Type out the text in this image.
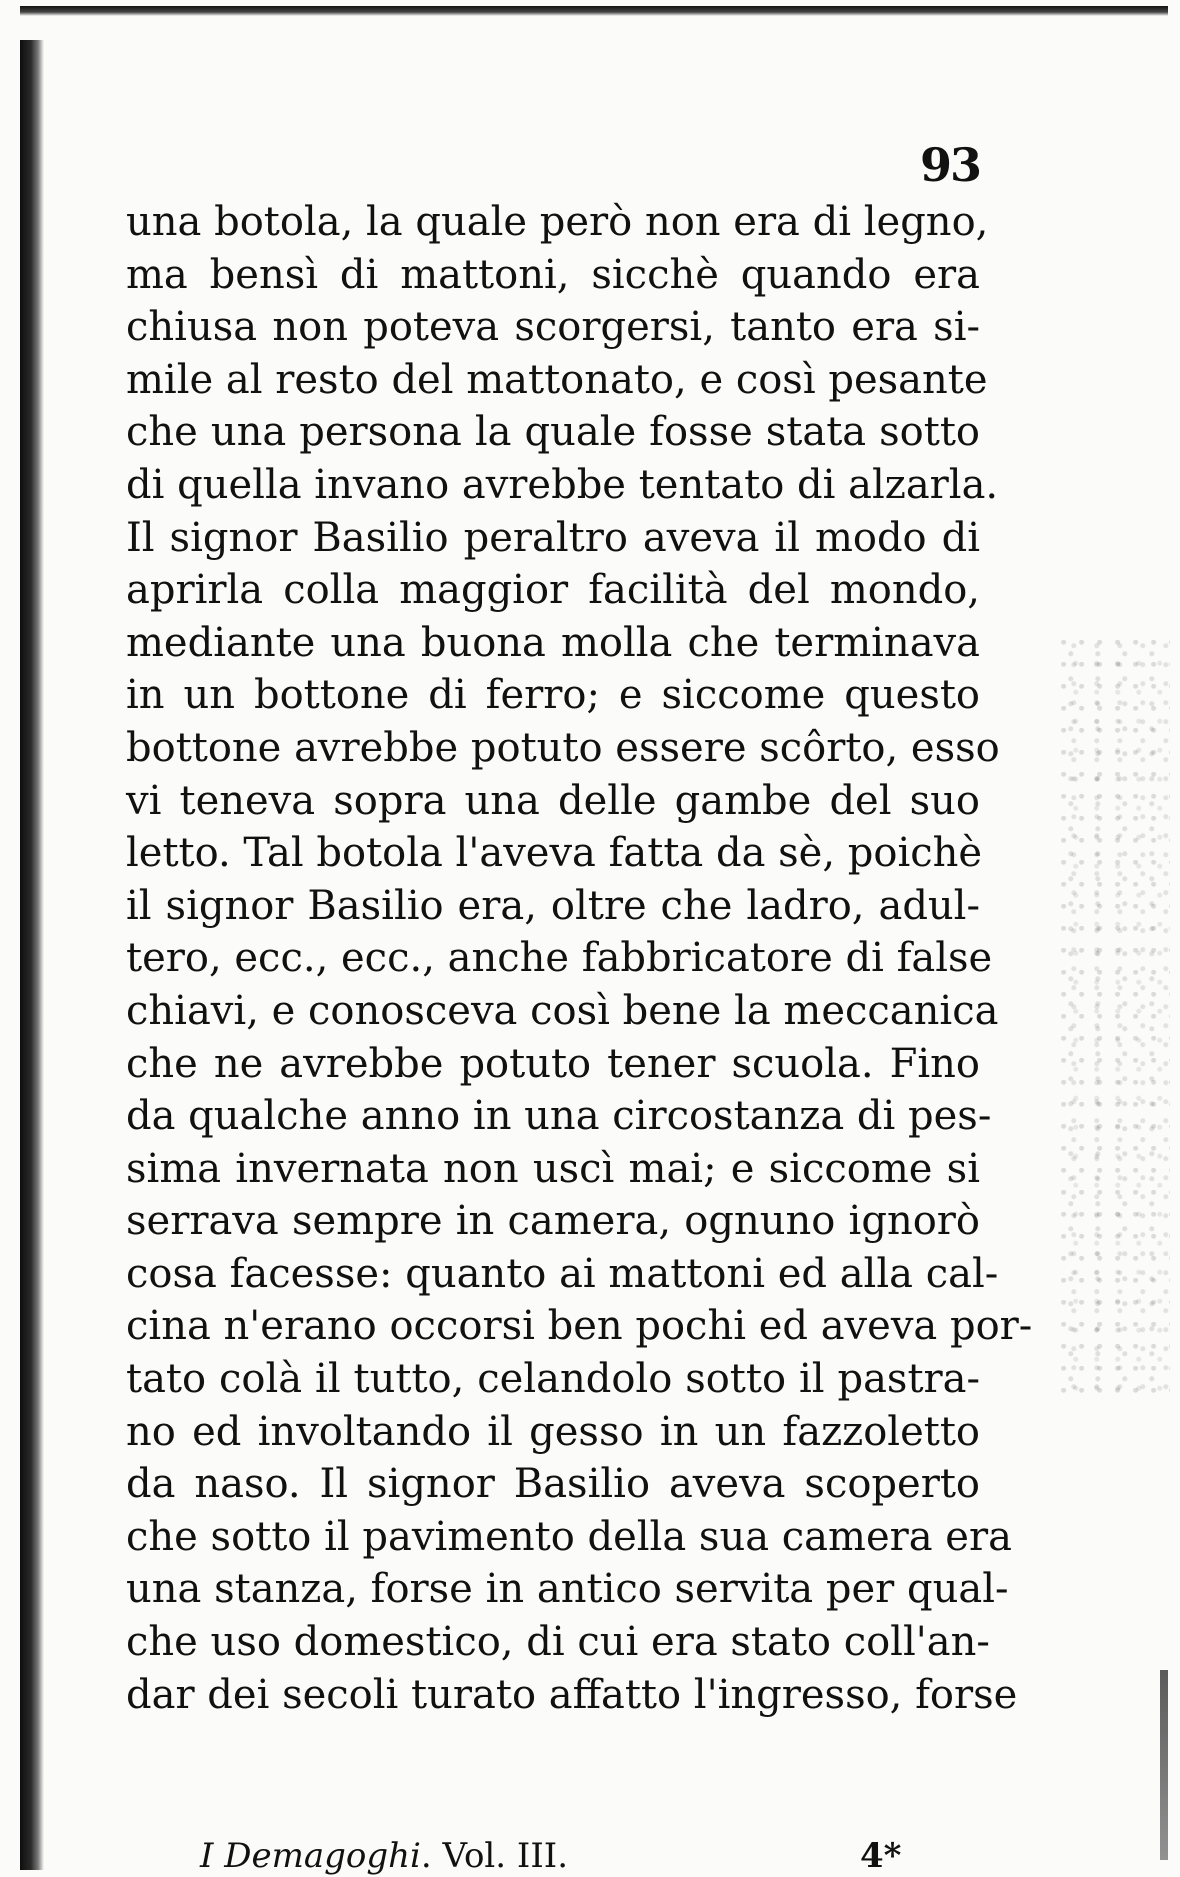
93
una botola, la quale però non era di legno,
ma bensì di mattoni, sicchè quando era
chiusa non poteva scorgersi, tanto era si-
mile al resto del mattonato, e così pesante
che una persona la quale fosse stata sotto
di quella invano avrebbe tentato di alzarla.
Il signor Basilio peraltro aveva il modo di
aprirla colla maggior facilità del mondo,
mediante una buona molla che terminava
in un bottone di ferro; e siccome questo
bottone avrebbe potuto essere scôrto, esso
vi teneva sopra una delle gambe del suo
letto. Tal botola l'aveva fatta da sè, poichè
il signor Basilio era, oltre che ladro, adul-
tero, ecc., ecc., anche fabbricatore di false
chiavi, e conosceva così bene la meccanica
che ne avrebbe potuto tener scuola. Fino
da qualche anno in una circostanza di pes-
sima invernata non uscì mai; e siccome si
serrava sempre in camera, ognuno ignorò
cosa facesse: quanto ai mattoni ed alla cal-
cina n'erano occorsi ben pochi ed aveva por-
tato colà il tutto, celandolo sotto il pastra-
no ed involtando il gesso in un fazzoletto
da naso. Il signor Basilio aveva scoperto
che sotto il pavimento della sua camera era
una stanza, forse in antico servita per qual-
che uso domestico, di cui era stato coll'an-
dar dei secoli turato affatto l'ingresso, forse
I Demagoghi. Vol. III.	4*
